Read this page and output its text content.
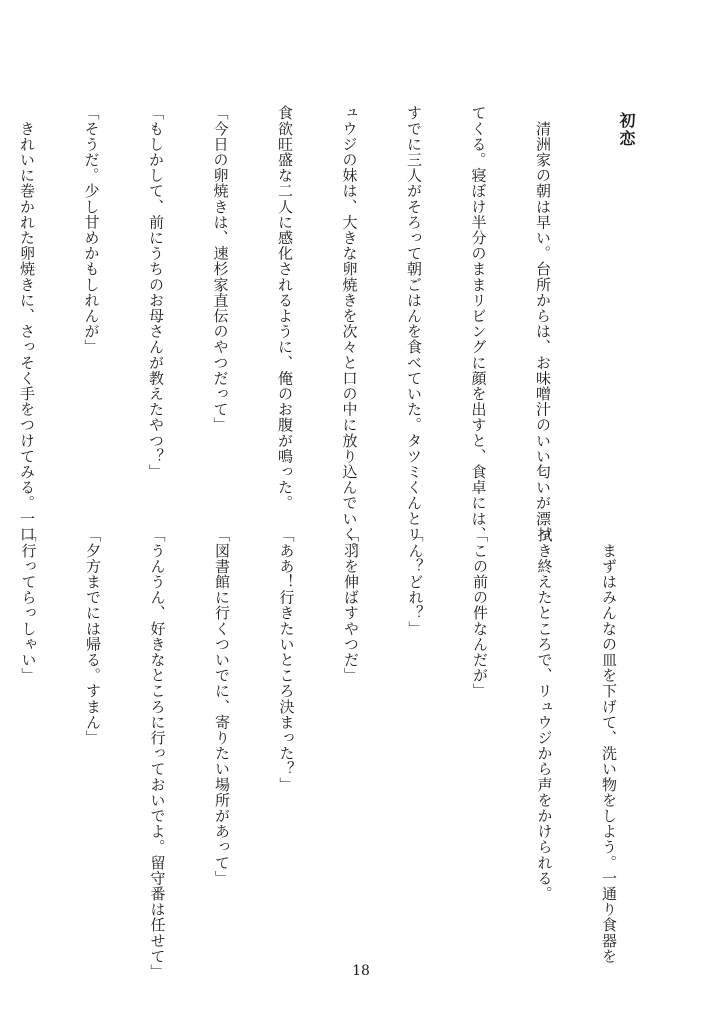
初恋

　清洲家の朝は早い。台所からは、お味噌汁のいい匂いが漂っ

てくる。寝ぼけ半分のままリビングに顔を出すと、食卓には、

すでに三人がそろって朝ごはんを食べていた。タツミくんとリ

ュウジの妹は、大きな卵焼きを次々と口の中に放り込んでいく。

食欲旺盛な二人に感化されるように、俺のお腹が鳴った。

「今日の卵焼きは、速杉家直伝のやつだって」

「もしかして、前にうちのお母さんが教えたやつ？」

「そうだ。少し甘めかもしれんが」

　きれいに巻かれた卵焼きに、さっそく手をつけてみる。一口

　まずはみんなの皿を下げて、洗い物をしよう。一通り食器を

拭き終えたところで、リュウジから声をかけられる。

「この前の件なんだが」

「ん？どれ？」

「羽を伸ばすやつだ」

「ああ！行きたいところ決まった？」

「図書館に行くついでに、寄りたい場所があって」

「うんうん、好きなところに行っておいでよ。留守番は任せて」

「夕方までには帰る。すまん」

「行ってらっしゃい」

18
